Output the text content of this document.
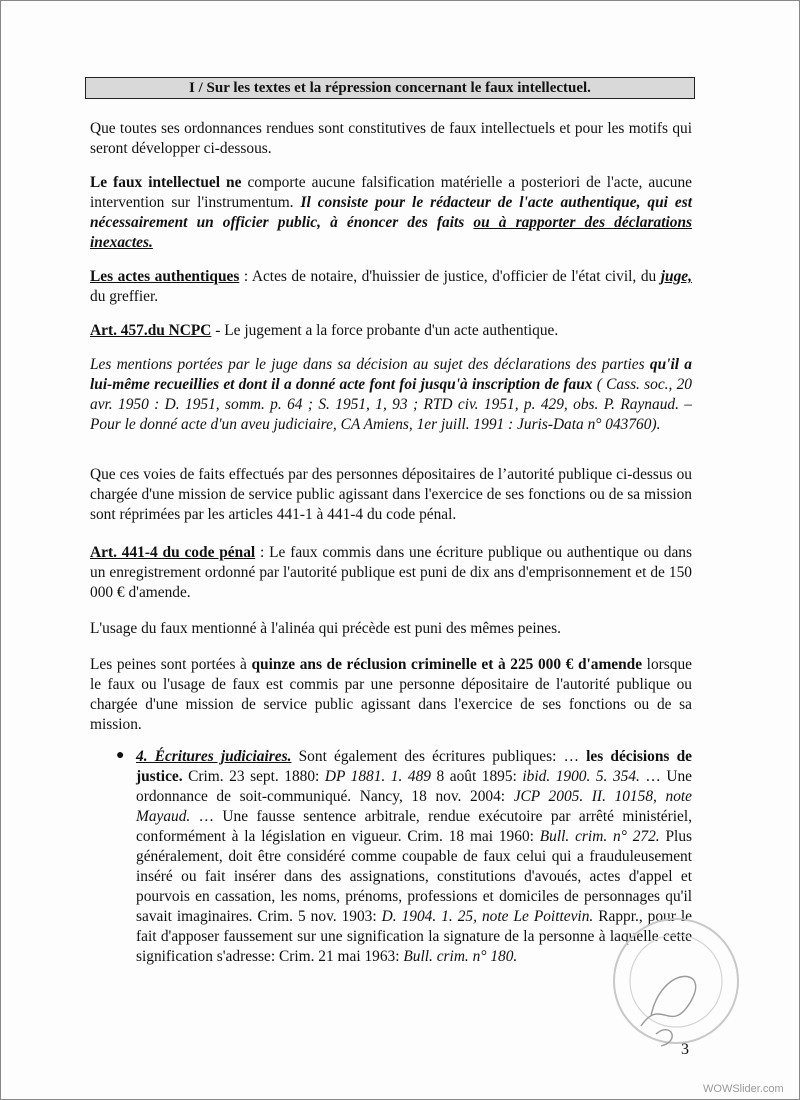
I / Sur les textes et la répression concernant le faux intellectuel.

Que toutes ses ordonnances rendues sont constitutives de faux intellectuels et pour les motifs qui seront développer ci-dessous.

Le faux intellectuel ne comporte aucune falsification matérielle a posteriori de l'acte, aucune intervention sur l'instrumentum. Il consiste pour le rédacteur de l'acte authentique, qui est nécessairement un officier public, à énoncer des faits ou à rapporter des déclarations inexactes.

Les actes authentiques : Actes de notaire, d'huissier de justice, d'officier de l'état civil, du juge, du greffier.

Art. 457.du NCPC - Le jugement a la force probante d'un acte authentique.

Les mentions portées par le juge dans sa décision au sujet des déclarations des parties qu'il a lui-même recueillies et dont il a donné acte font foi jusqu'à inscription de faux ( Cass. soc., 20 avr. 1950 : D. 1951, somm. p. 64 ; S. 1951, 1, 93 ; RTD civ. 1951, p. 429, obs. P. Raynaud. – Pour le donné acte d'un aveu judiciaire, CA Amiens, 1er juill. 1991 : Juris-Data n° 043760).

Que ces voies de faits effectués par des personnes dépositaires de l’autorité publique ci-dessus ou chargée d'une mission de service public agissant dans l'exercice de ses fonctions ou de sa mission sont réprimées par les articles 441-1 à 441-4 du code pénal.

Art. 441-4 du code pénal : Le faux commis dans une écriture publique ou authentique ou dans un enregistrement ordonné par l'autorité publique est puni de dix ans d'emprisonnement et de 150 000 € d'amende.

L'usage du faux mentionné à l'alinéa qui précède est puni des mêmes peines.

Les peines sont portées à quinze ans de réclusion criminelle et à 225 000 € d'amende lorsque le faux ou l'usage de faux est commis par une personne dépositaire de l'autorité publique ou chargée d'une mission de service public agissant dans l'exercice de ses fonctions ou de sa mission.

● 4. Écritures judiciaires. Sont également des écritures publiques: … les décisions de justice. Crim. 23 sept. 1880: DP 1881. 1. 489 8 août 1895: ibid. 1900. 5. 354. … Une ordonnance de soit-communiqué. Nancy, 18 nov. 2004: JCP 2005. II. 10158, note Mayaud. … Une fausse sentence arbitrale, rendue exécutoire par arrêté ministériel, conformément à la législation en vigueur. Crim. 18 mai 1960: Bull. crim. n° 272. Plus généralement, doit être considéré comme coupable de faux celui qui a frauduleusement inséré ou fait insérer dans des assignations, constitutions d'avoués, actes d'appel et pourvois en cassation, les noms, prénoms, professions et domiciles de personnages qu'il savait imaginaires. Crim. 5 nov. 1903: D. 1904. 1. 25, note Le Poittevin. Rappr., pour le fait d'apposer faussement sur une signification la signature de la personne à laquelle cette signification s'adresse: Crim. 21 mai 1963: Bull. crim. n° 180.

3
WOWSlider.com
